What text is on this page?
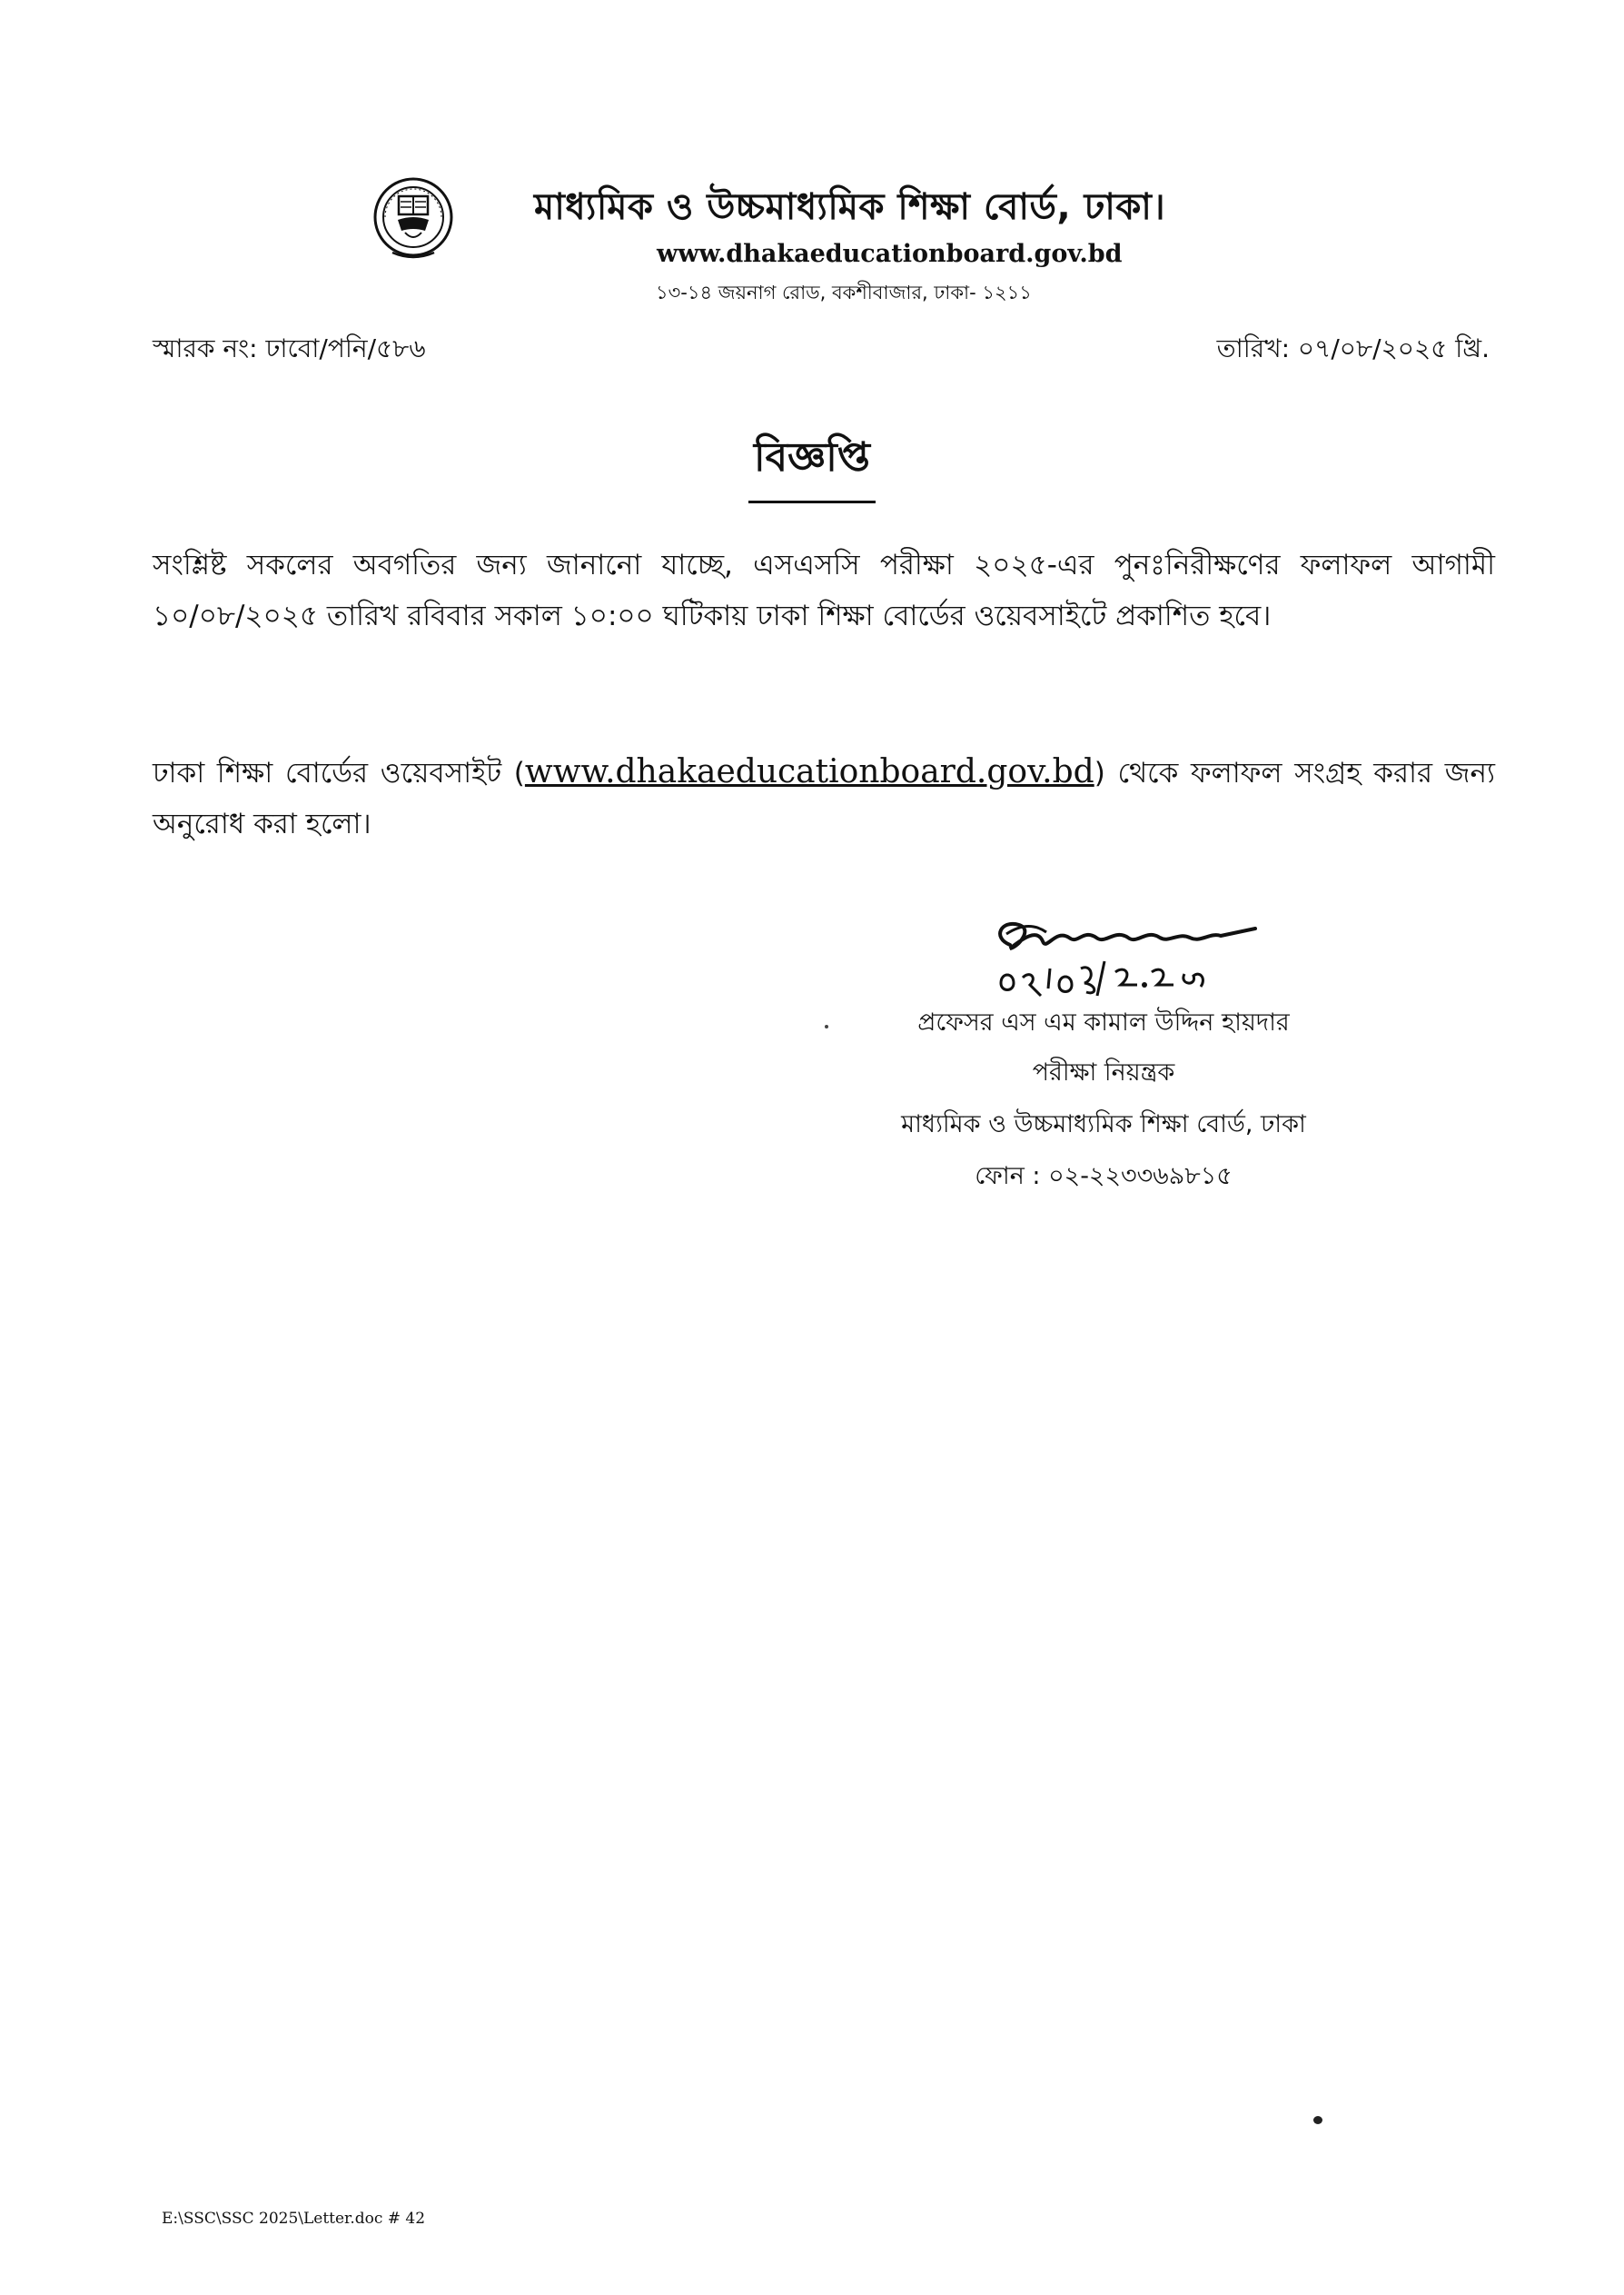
মাধ্যমিক ও উচ্চমাধ্যমিক শিক্ষা বোর্ড, ঢাকা।
www.dhakaeducationboard.gov.bd
১৩-১৪ জয়নাগ রোড, বকশীবাজার, ঢাকা- ১২১১
স্মারক নং: ঢাবো/পনি/৫৮৬	তারিখ: ০৭/০৮/২০২৫ খ্রি.
বিজ্ঞপ্তি
সংশ্লিষ্ট সকলের অবগতির জন্য জানানো যাচ্ছে, এসএসসি পরীক্ষা ২০২৫-এর পুনঃনিরীক্ষণের ফলাফল আগামী ১০/০৮/২০২৫ তারিখ রবিবার সকাল ১০:০০ ঘটিকায় ঢাকা শিক্ষা বোর্ডের ওয়েবসাইটে প্রকাশিত হবে।
ঢাকা শিক্ষা বোর্ডের ওয়েবসাইট (www.dhakaeducationboard.gov.bd) থেকে ফলাফল সংগ্রহ করার জন্য অনুরোধ করা হলো।
প্রফেসর এস এম কামাল উদ্দিন হায়দার
পরীক্ষা নিয়ন্ত্রক
মাধ্যমিক ও উচ্চমাধ্যমিক শিক্ষা বোর্ড, ঢাকা
ফোন : ০২-২২৩৩৬৯৮১৫
E:\SSC\SSC 2025\Letter.doc # 42
